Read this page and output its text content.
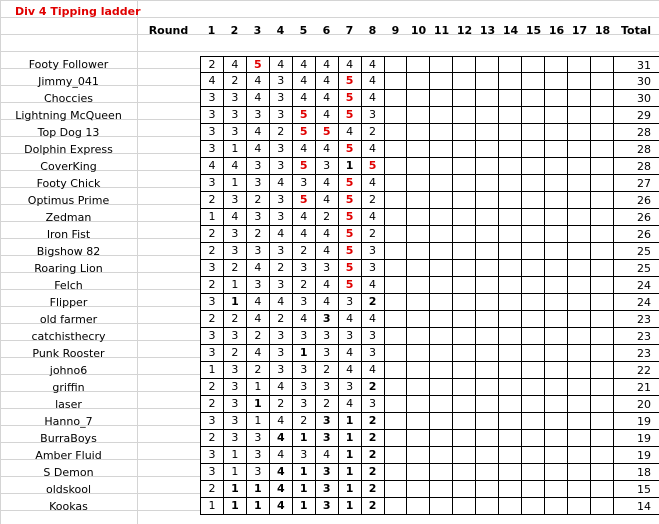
Div 4 Tipping ladder
Round	1	2	3	4	5	6	7	8	9	10 11 12 13 14 15 16 17 18 Total
Footy Follower	2	4	5	4	4	4	4	4	31
Jimmy_041	4	2	4	3	4	4	5	4	30
Choccies	3	3	4	3	4	4	5	4	30
Lightning McQueen	3	3	3	3	5	4	5	3	29
Top Dog 13	3	3	4	2	5	5	4	2	28
Dolphin Express	3	1	4	3	4	4	5	4	28
CoverKing	4	4	3	3	5	3	1	5	28
Footy Chick	3	1	3	4	3	4	5	4	27
Optimus Prime	2	3	2	3	5	4	5	2	26
Zedman	1	4	3	3	4	2	5	4	26
Iron Fist	2	3	2	4	4	4	5	2	26
Bigshow 82	2	3	3	3	2	4	5	3	25
Roaring Lion	3	2	4	2	3	3	5	3	25
Felch	2	1	3	3	2	4	5	4	24
Flipper	3	1	4	4	3	4	3	2	24
old farmer	2	2	4	2	4	3	4	4	23
catchisthecry	3	3	2	3	3	3	3	3	23
Punk Rooster	3	2	4	3	1	3	4	3	23
johno6	1	3	2	3	3	2	4	4	22
griffin	2	3	1	4	3	3	3	2	21
laser	2	3	1	2	3	2	4	3	20
Hanno_7	3	3	1	4	2	3	1	2	19
BurraBoys	2	3	3	4	1	3	1	2	19
Amber Fluid	3	1	3	4	3	4	1	2	19
S Demon	3	1	3	4	1	3	1	2	18
oldskool	2	1	1	4	1	3	1	2	15
Kookas	1	1	1	4	1	3	1	2	14
